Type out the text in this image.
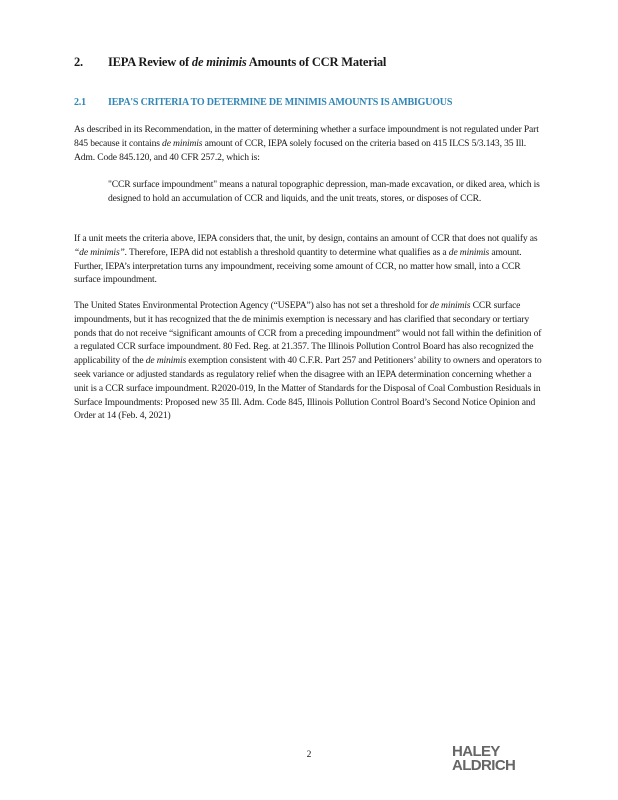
2. IEPA Review of de minimis Amounts of CCR Material
2.1 IEPA'S CRITERIA TO DETERMINE DE MINIMIS AMOUNTS IS AMBIGUOUS

As described in its Recommendation, in the matter of determining whether a surface impoundment is not regulated under Part 845 because it contains de minimis amount of CCR, IEPA solely focused on the criteria based on 415 ILCS 5/3.143, 35 Ill. Adm. Code 845.120, and 40 CFR 257.2, which is:

"CCR surface impoundment" means a natural topographic depression, man-made excavation, or diked area, which is designed to hold an accumulation of CCR and liquids, and the unit treats, stores, or disposes of CCR.

If a unit meets the criteria above, IEPA considers that, the unit, by design, contains an amount of CCR that does not qualify as “de minimis”. Therefore, IEPA did not establish a threshold quantity to determine what qualifies as a de minimis amount. Further, IEPA’s interpretation turns any impoundment, receiving some amount of CCR, no matter how small, into a CCR surface impoundment.

The United States Environmental Protection Agency (“USEPA”) also has not set a threshold for de minimis CCR surface impoundments, but it has recognized that the de minimis exemption is necessary and has clarified that secondary or tertiary ponds that do not receive “significant amounts of CCR from a preceding impoundment” would not fall within the definition of a regulated CCR surface impoundment. 80 Fed. Reg. at 21.357. The Illinois Pollution Control Board has also recognized the applicability of the de minimis exemption consistent with 40 C.F.R. Part 257 and Petitioners’ ability to owners and operators to seek variance or adjusted standards as regulatory relief when the disagree with an IEPA determination concerning whether a unit is a CCR surface impoundment. R2020-019, In the Matter of Standards for the Disposal of Coal Combustion Residuals in Surface Impoundments: Proposed new 35 Ill. Adm. Code 845, Illinois Pollution Control Board’s Second Notice Opinion and Order at 14 (Feb. 4, 2021)

2	HALEY
ALDRICH
